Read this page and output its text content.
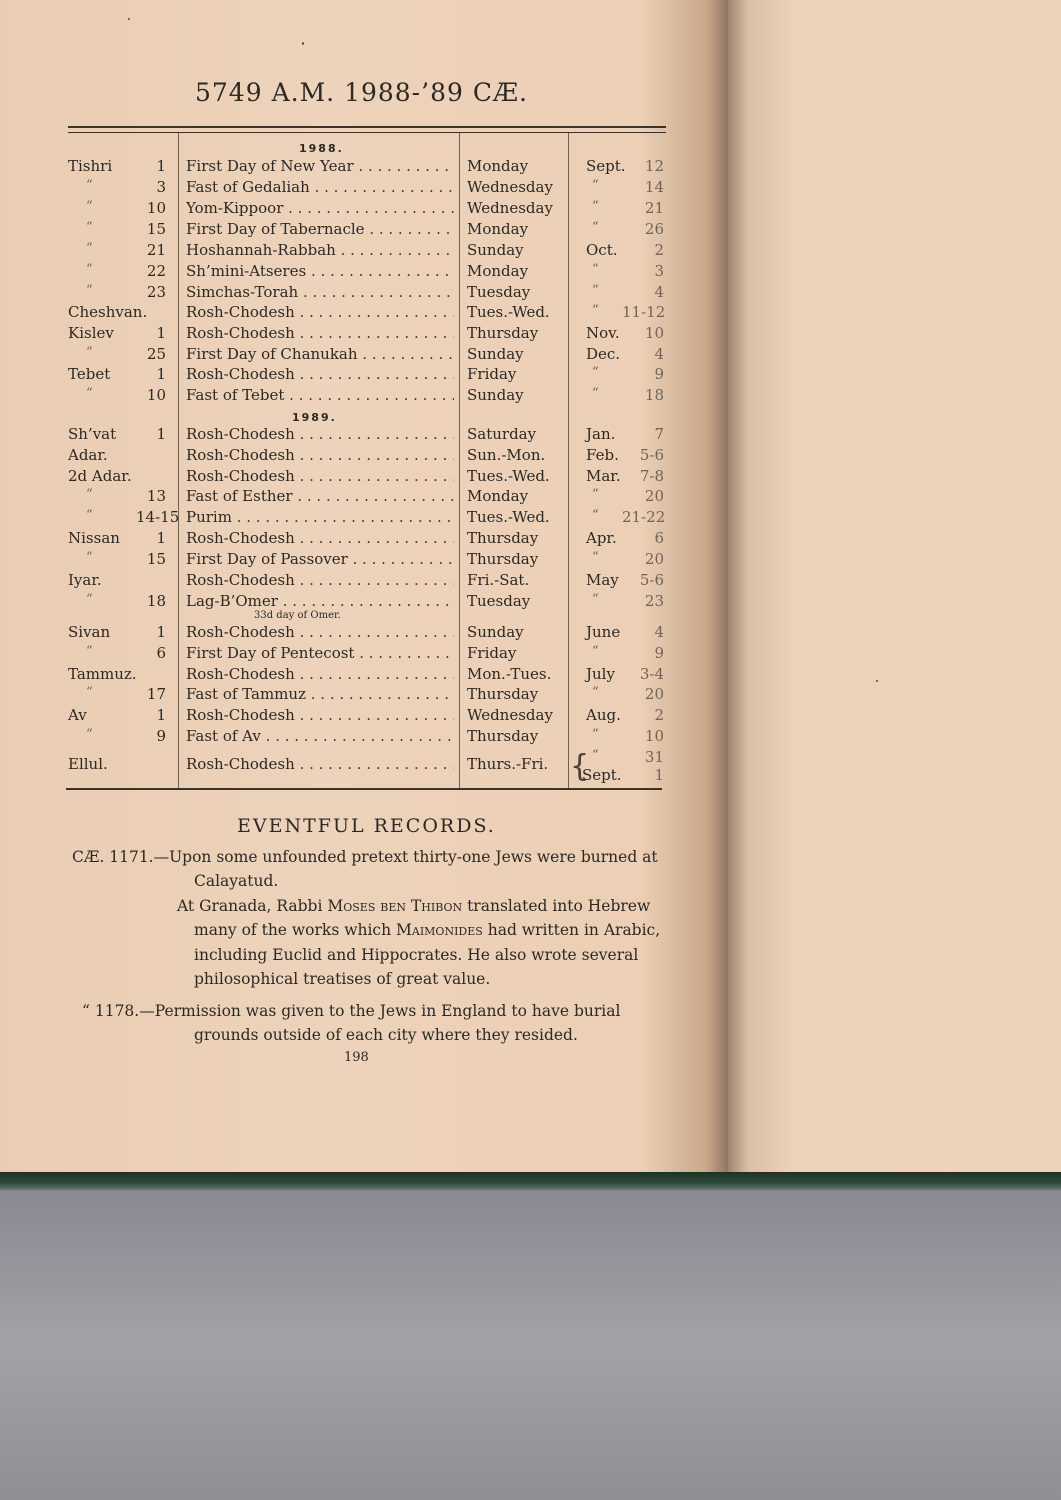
5749 A.M. 1988-’89 CÆ.
1988.
1989.
Tishri	1 First Day of New Year . . .	Monday	Sept.	12
“	3 Fast of Gedaliah . . .	Wednesday	“	14
“	10 Yom-Kippoor . . .	Wednesday	“	21
“	15 First Day of Tabernacle . . .	Monday	“	26
“	21 Hoshannah-Rabbah . . .	Sunday	Oct.	2
“	22 Sh’mini-Atseres . . .	Monday	“	3
“	23 Simchas-Torah . . .	Tuesday	“	4
Cheshvan.	Rosh-Chodesh . . .	Tues.-Wed.	“ 11-12
Kislev	1 Rosh-Chodesh . . .	Thursday	Nov.	10
“	25 First Day of Chanukah . . .	Sunday	Dec.	4
Tebet	1 Rosh-Chodesh . . .	Friday	“	9
“	10 Fast of Tebet . . .	Sunday	“	18
Sh’vat	1 Rosh-Chodesh . . .	Saturday	Jan.	7
Adar.	Rosh-Chodesh . . .	Sun.-Mon.	Feb.	5-6
2d Adar.	Rosh-Chodesh . . .	Tues.-Wed. Mar.	7-8
“	13 Fast of Esther . . .	Monday	“	20
“	14-15 Purim . . .	Tues.-Wed.	“ 21-22
Nissan	1 Rosh-Chodesh . . .	Thursday	Apr.	6
“	15 First Day of Passover . . .	Thursday	“	20
Iyar.	Rosh-Chodesh . . .	Fri.-Sat.	May	5-6
“	18 Lag-B’Omer . . .	Tuesday	“	23
Sivan	1 Rosh-Chodesh . . .	Sunday	June	4
“	6 First Day of Pentecost . . .	Friday	“	9
Tammuz.	Rosh-Chodesh . . .	Mon.-Tues. July	3-4
“	17 Fast of Tammuz . . .	Thursday	“	20
Av	1 Rosh-Chodesh . . .	Wednesday Aug.	2
“	9 Fast of Av . . .	Thursday	“	10
33d day of Omer.
Ellul.	Rosh-Chodesh . . .	Thurs.-Fri. { “	31
Sept.	1
EVENTFUL RECORDS.
CÆ. 1171.—Upon some unfounded pretext thirty-one Jews were burned at
Calayatud.
At Granada, Rabbi Moses ben Thibon translated into Hebrew
many of the works which Maimonides had written in Arabic,
including Euclid and Hippocrates. He also wrote several
philosophical treatises of great value.
“ 1178.—Permission was given to the Jews in England to have burial
grounds outside of each city where they resided.
198
